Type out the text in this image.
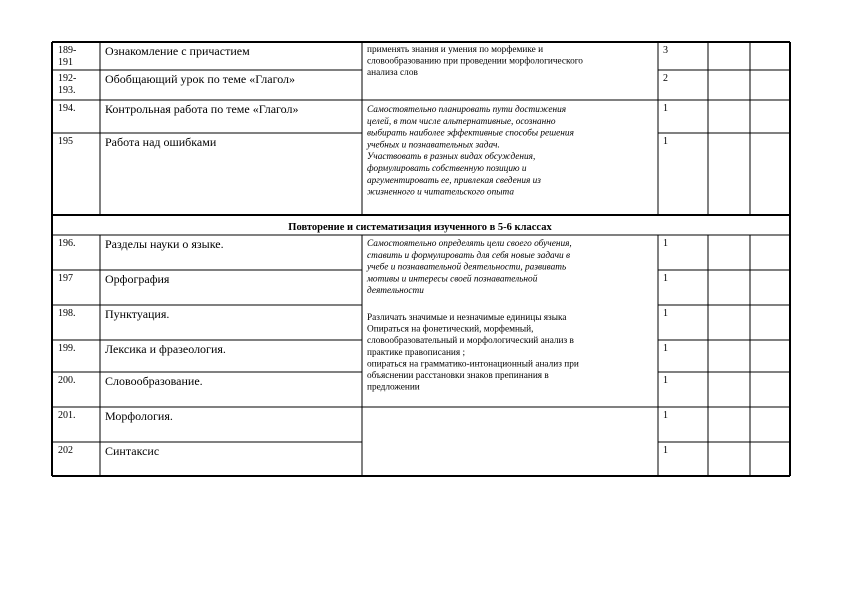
189-
191
192-
193.
194.
195
196.
197
198.
199.
200.
201.
202
Ознакомление с причастием
Обобщающий урок по теме «Глагол»
Контрольная работа по теме «Глагол»
Работа над ошибками
Разделы науки о языке.
Орфография
Пунктуация.
Лексика и фразеология.
Словообразование.
Морфология.
Синтаксис
3
2
1
1
1
1
1
1
1
1
1
применять знания и умения по морфемике и
словообразованию при проведении морфологического
анализа слов
Самостоятельно планировать пути достижения
целей, в том числе альтернативные, осознанно
выбирать наиболее эффективные способы решения
учебных и познавательных задач.
Участвовать в разных видах обсуждения,
формулировать собственную позицию и
аргументировать ее, привлекая сведения из
жизненного и читательского опыта
Самостоятельно определять цели своего обучения,
ставить и формулировать для себя новые задачи в
учебе и познавательной деятельности, развивать
мотивы и интересы своей познавательной
деятельности
Различать значимые и незначимые единицы языка
Опираться на фонетический, морфемный,
словообразовательный и морфологический анализ в
практике правописания ;
опираться на грамматико-интонационный анализ при
объяснении расстановки знаков препинания в
предложении
Повторение и систематизация изученного в 5-6 классах
